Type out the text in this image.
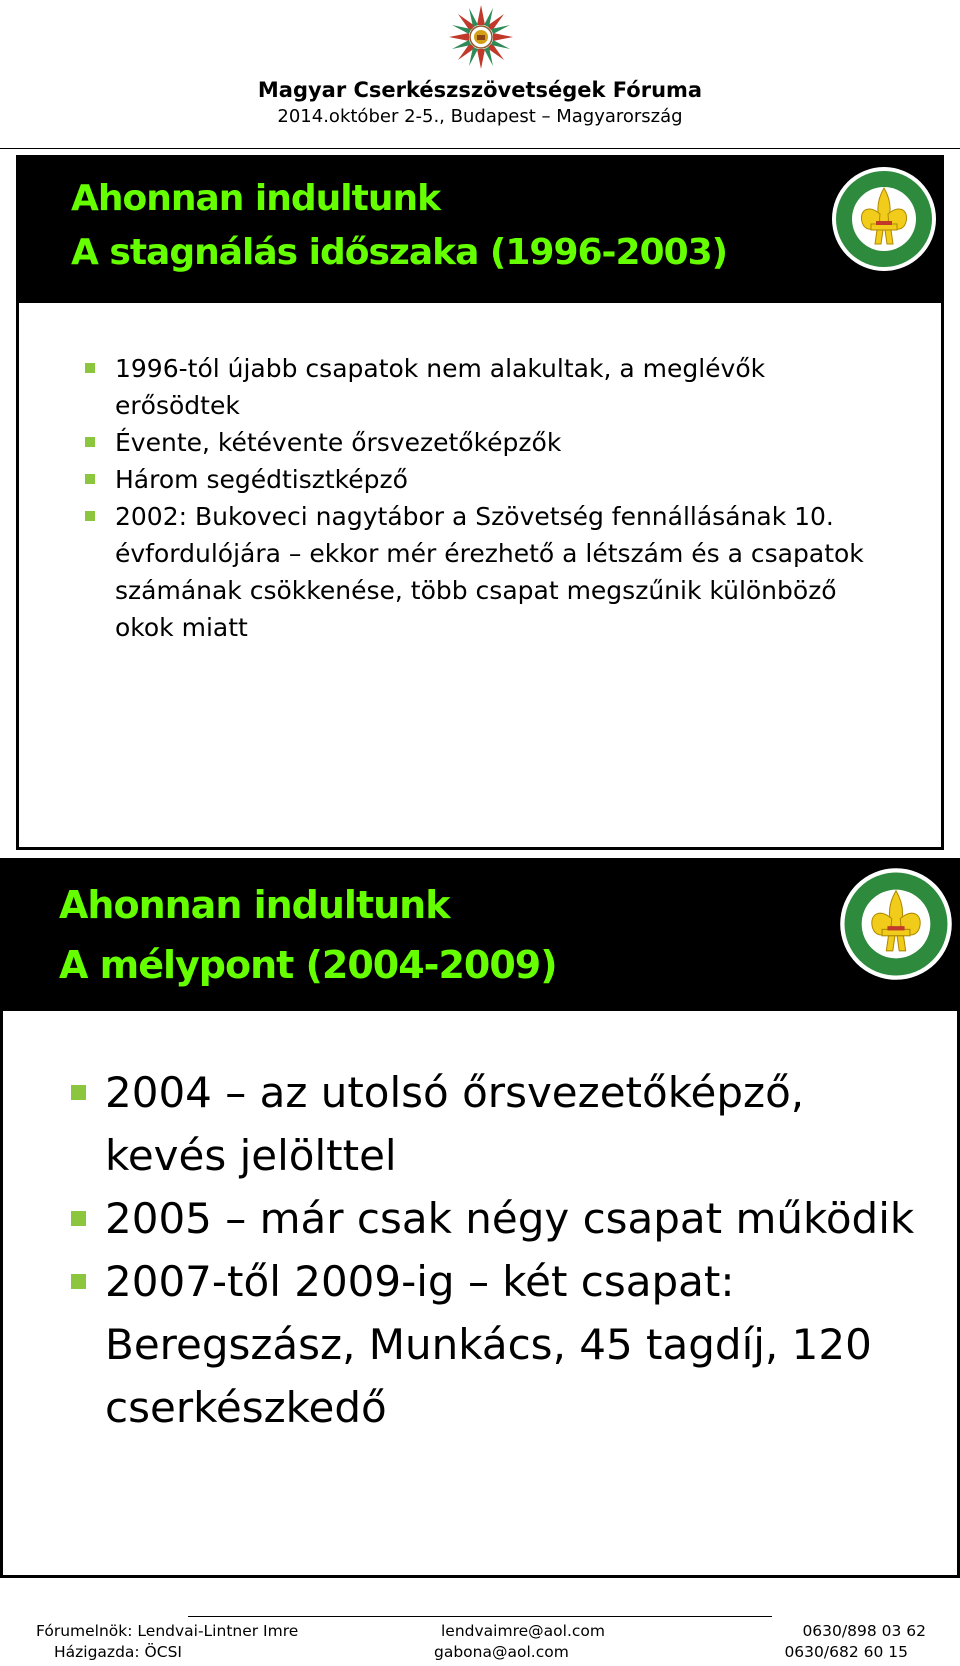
Magyar Cserkészszövetségek Fóruma
2014.október 2-5., Budapest – Magyarország
Ahonnan indultunk
A stagnálás időszaka (1996-2003)
1996-tól újabb csapatok nem alakultak, a meglévők erősödtek
Évente, kétévente őrsvezetőképzők
Három segédtisztképző
2002: Bukoveci nagytábor a Szövetség fennállásának 10. évfordulójára – ekkor mér érezhető a létszám és a csapatok számának csökkenése, több csapat megszűnik különböző okok miatt
Ahonnan indultunk
A mélypont (2004-2009)
2004 – az utolsó őrsvezetőképző, kevés jelölttel
2005 – már csak négy csapat működik
2007-től 2009-ig – két csapat: Beregszász, Munkács, 45 tagdíj, 120 cserkészkedő
Fórumelnök: Lendvai-Lintner Imre	lendvaimre@aol.com	0630/898 03 62
Házigazda: ÖCSI	gabona@aol.com	0630/682 60 15
